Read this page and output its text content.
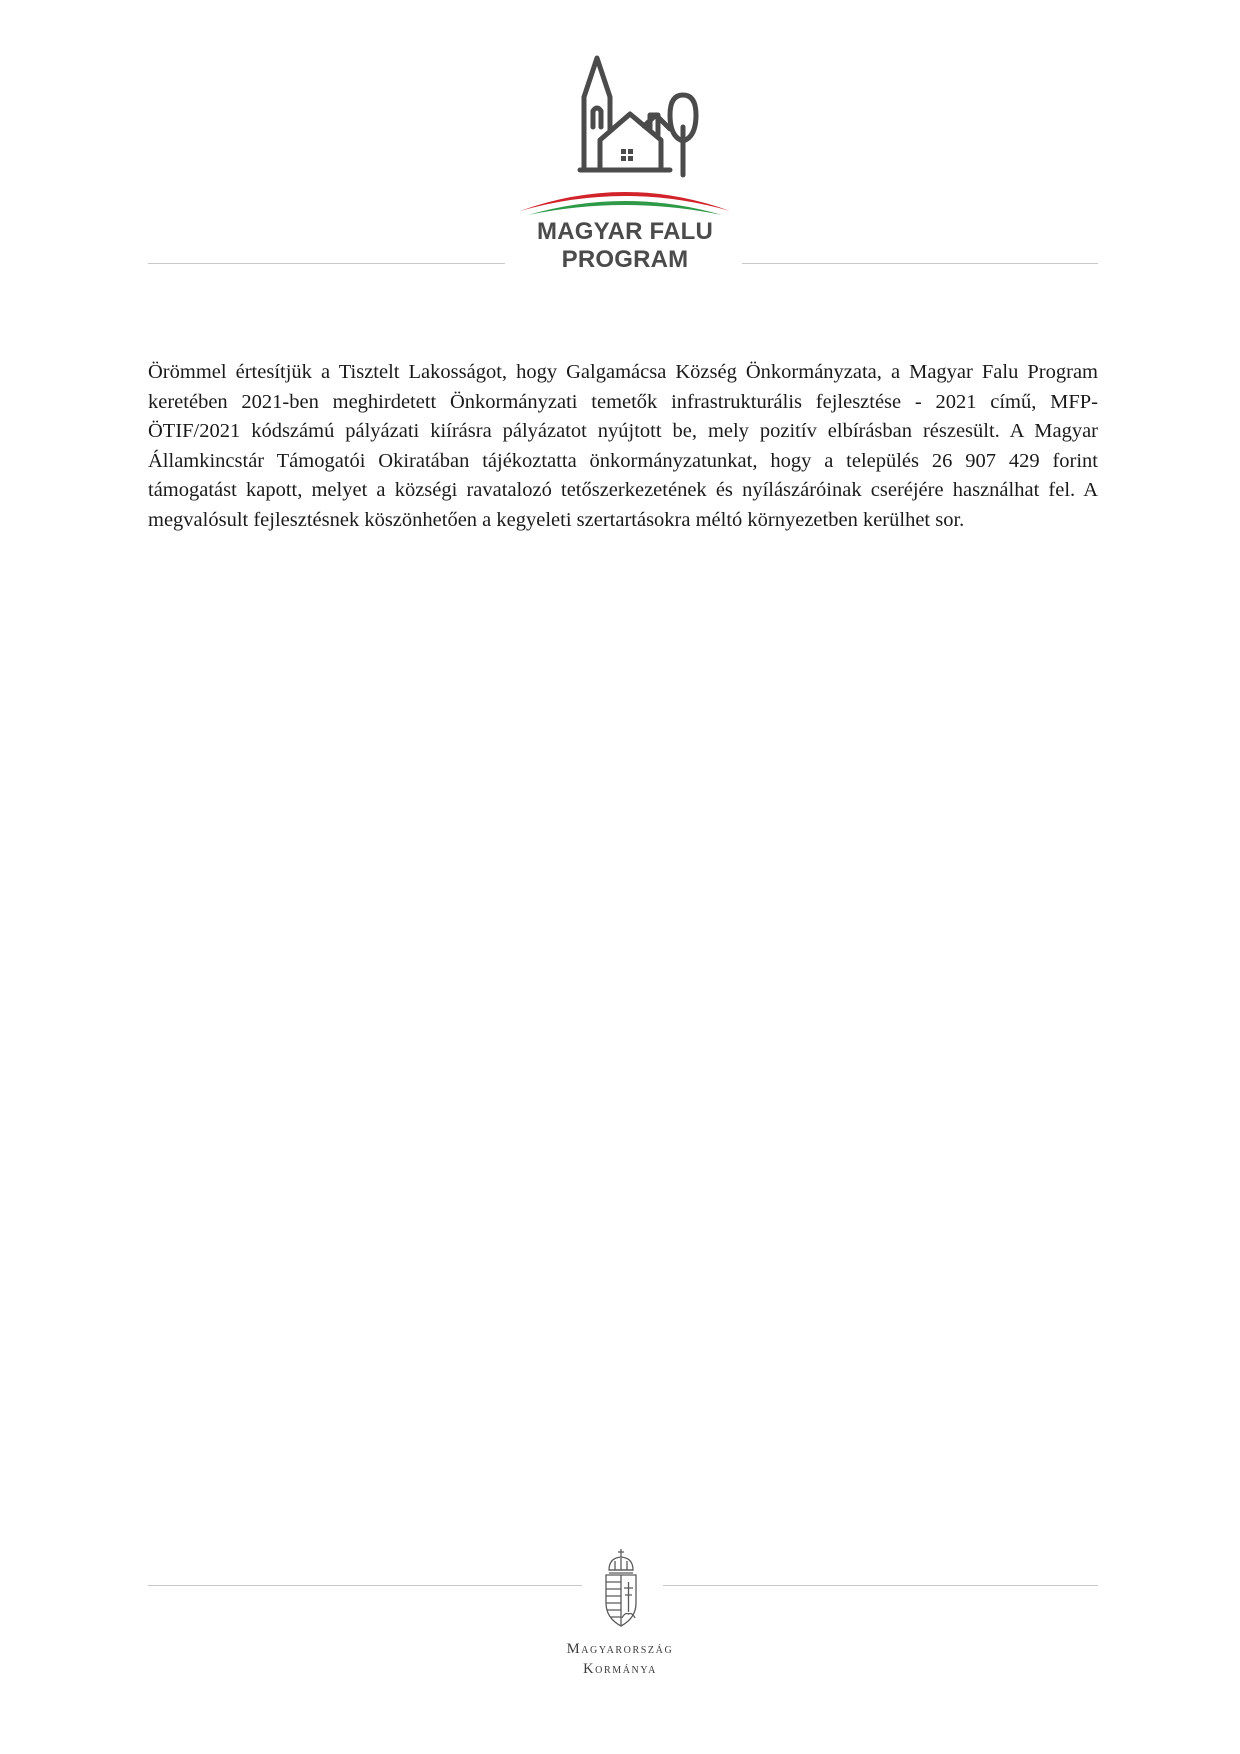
MAGYAR FALU
PROGRAM

Örömmel értesítjük a Tisztelt Lakosságot, hogy Galgamácsa Község Önkormányzata, a Magyar Falu Program keretében 2021-ben meghirdetett Önkormányzati temetők infrastrukturális fejlesztése - 2021 című, MFP-ÖTIF/2021 kódszámú pályázati kiírásra pályázatot nyújtott be, mely pozitív elbírásban részesült. A Magyar Államkincstár Támogatói Okiratában tájékoztatta önkormányzatunkat, hogy a település 26 907 429 forint támogatást kapott, melyet a községi ravatalozó tetőszerkezetének és nyílászáróinak cseréjére használhat fel. A megvalósult fejlesztésnek köszönhetően a kegyeleti szertartásokra méltó környezetben kerülhet sor.

Magyarország
Kormánya
